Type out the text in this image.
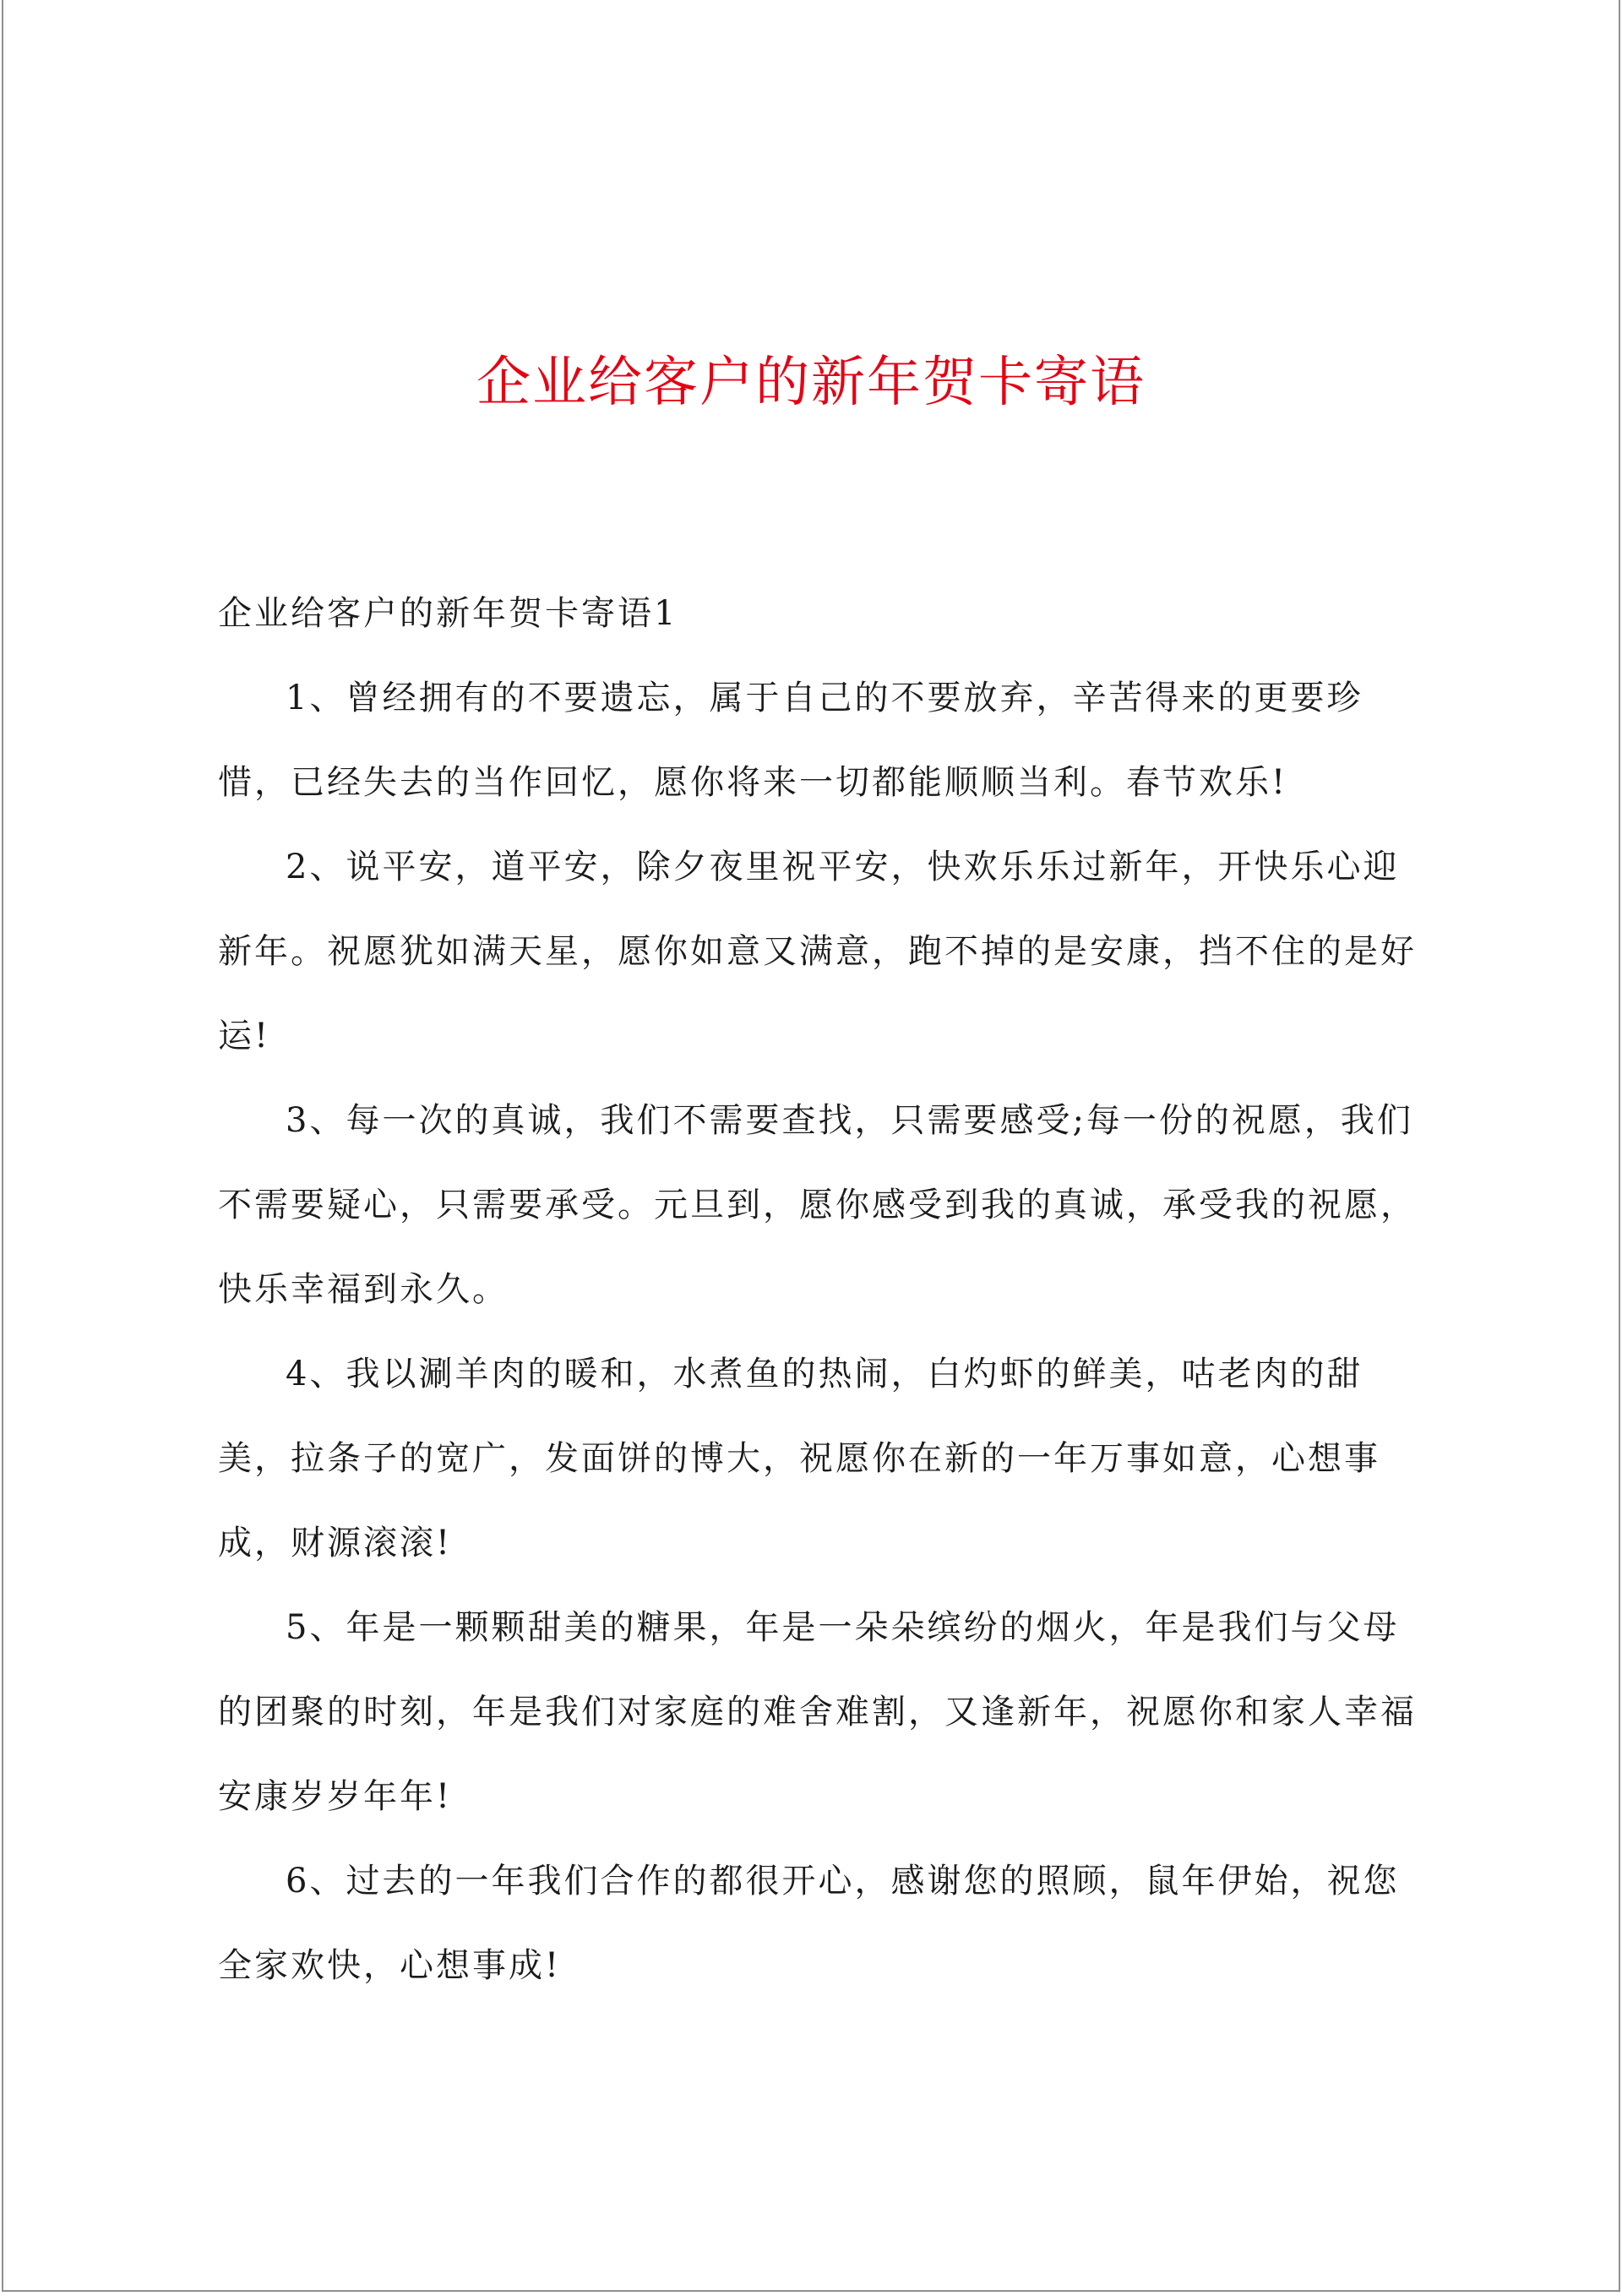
企业给客户的新年贺卡寄语

企业给客户的新年贺卡寄语1

1、曾经拥有的不要遗忘，属于自己的不要放弃，辛苦得来的更要珍惜，已经失去的当作回忆，愿你将来一切都能顺顺当利。春节欢乐!

2、说平安，道平安，除夕夜里祝平安，快欢乐乐过新年，开快乐心迎新年。祝愿犹如满天星，愿你如意又满意，跑不掉的是安康，挡不住的是好运!

3、每一次的真诚，我们不需要查找，只需要感受;每一份的祝愿，我们不需要疑心，只需要承受。元旦到，愿你感受到我的真诚，承受我的祝愿，快乐幸福到永久。

4、我以涮羊肉的暖和，水煮鱼的热闹，白灼虾的鲜美，咕老肉的甜美，拉条子的宽广，发面饼的博大，祝愿你在新的一年万事如意，心想事成，财源滚滚!

5、年是一颗颗甜美的糖果，年是一朵朵缤纷的烟火，年是我们与父母的团聚的时刻，年是我们对家庭的难舍难割，又逢新年，祝愿你和家人幸福安康岁岁年年!

6、过去的一年我们合作的都很开心，感谢您的照顾，鼠年伊始，祝您全家欢快，心想事成!
